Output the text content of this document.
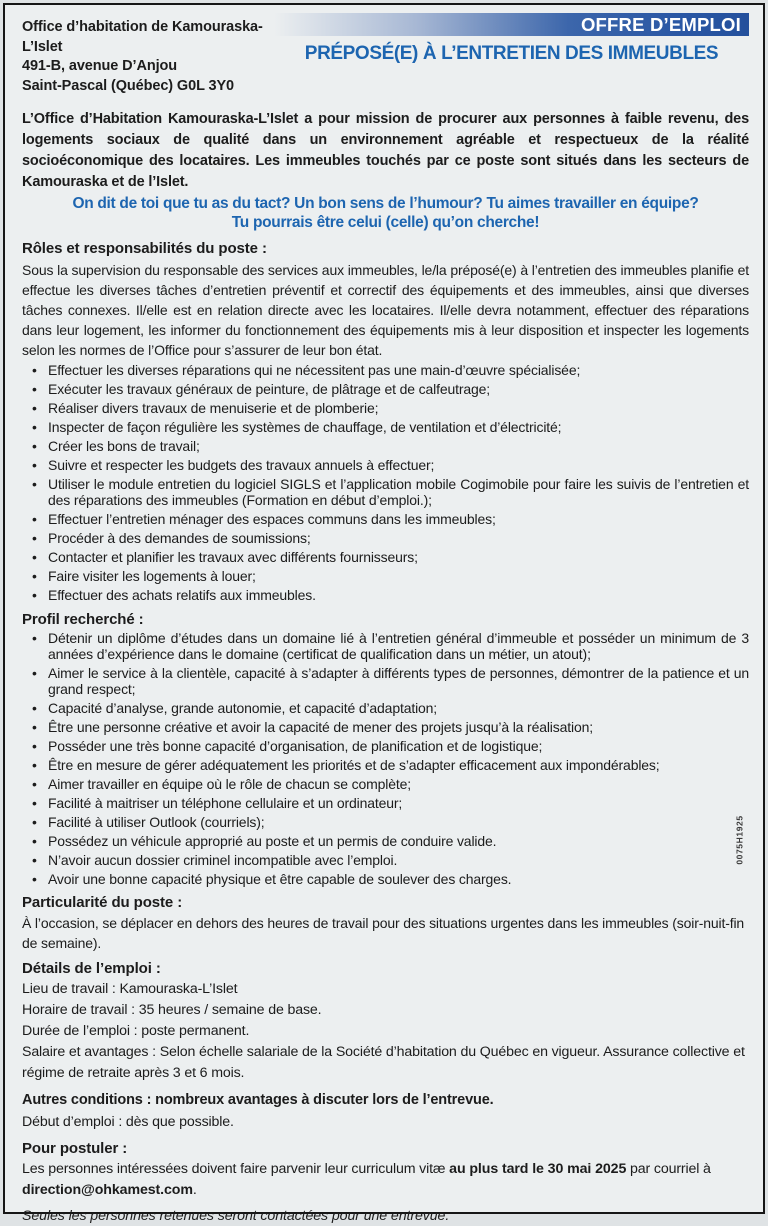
Office d’habitation de Kamouraska-L’Islet
491-B, avenue D’Anjou
Saint-Pascal (Québec) G0L 3Y0
OFFRE D’EMPLOI
PRÉPOSÉ(E) À L’ENTRETIEN DES IMMEUBLES

L’Office d’Habitation Kamouraska-L’Islet a pour mission de procurer aux personnes à faible revenu, des logements sociaux de qualité dans un environnement agréable et respectueux de la réalité socioéconomique des locataires. Les immeubles touchés par ce poste sont situés dans les secteurs de Kamouraska et de l’Islet.

On dit de toi que tu as du tact? Un bon sens de l’humour? Tu aimes travailler en équipe?
Tu pourrais être celui (celle) qu’on cherche!
Rôles et responsabilités du poste :

Sous la supervision du responsable des services aux immeubles, le/la préposé(e) à l’entretien des immeubles planifie et effectue les diverses tâches d’entretien préventif et correctif des équipements et des immeubles, ainsi que diverses tâches connexes. Il/elle est en relation directe avec les locataires. Il/elle devra notamment, effectuer des réparations dans leur logement, les informer du fonctionnement des équipements mis à leur disposition et inspecter les logements selon les normes de l’Office pour s’assurer de leur bon état.

• Effectuer les diverses réparations qui ne nécessitent pas une main-d’œuvre spécialisée;
• Exécuter les travaux généraux de peinture, de plâtrage et de calfeutrage;
• Réaliser divers travaux de menuiserie et de plomberie;
• Inspecter de façon régulière les systèmes de chauffage, de ventilation et d’électricité;
• Créer les bons de travail;
• Suivre et respecter les budgets des travaux annuels à effectuer;
• Utiliser le module entretien du logiciel SIGLS et l’application mobile Cogimobile pour faire les suivis de l’entretien et des réparations des immeubles (Formation en début d’emploi.);
• Effectuer l’entretien ménager des espaces communs dans les immeubles;
• Procéder à des demandes de soumissions;
• Contacter et planifier les travaux avec différents fournisseurs;
• Faire visiter les logements à louer;
• Effectuer des achats relatifs aux immeubles.
Profil recherché :
• Détenir un diplôme d’études dans un domaine lié à l’entretien général d’immeuble et posséder un minimum de 3 années d’expérience dans le domaine (certificat de qualification dans un métier, un atout);
• Aimer le service à la clientèle, capacité à s’adapter à différents types de personnes, démontrer de la patience et un grand respect;
• Capacité d’analyse, grande autonomie, et capacité d’adaptation;
• Être une personne créative et avoir la capacité de mener des projets jusqu’à la réalisation;
• Posséder une très bonne capacité d’organisation, de planification et de logistique;
• Être en mesure de gérer adéquatement les priorités et de s’adapter efficacement aux impondérables;
• Aimer travailler en équipe où le rôle de chacun se complète;
• Facilité à maitriser un téléphone cellulaire et un ordinateur;
• Facilité à utiliser Outlook (courriels);
• Possédez un véhicule approprié au poste et un permis de conduire valide.
• N’avoir aucun dossier criminel incompatible avec l’emploi.
• Avoir une bonne capacité physique et être capable de soulever des charges.
Particularité du poste :

À l’occasion, se déplacer en dehors des heures de travail pour des situations urgentes dans les immeubles (soir-nuit-fin de semaine).

Détails de l’emploi :

Lieu de travail : Kamouraska-L’Islet

Horaire de travail : 35 heures / semaine de base.

Durée de l’emploi : poste permanent.

Salaire et avantages : Selon échelle salariale de la Société d’habitation du Québec en vigueur. Assurance collective et régime de retraite après 3 et 6 mois.

Autres conditions : nombreux avantages à discuter lors de l’entrevue.

Début d’emploi : dès que possible.

Pour postuler :

Les personnes intéressées doivent faire parvenir leur curriculum vitæ au plus tard le 30 mai 2025 par courriel à direction@ohkamest.com.

Seules les personnes retenues seront contactées pour une entrevue.

0075H1925
